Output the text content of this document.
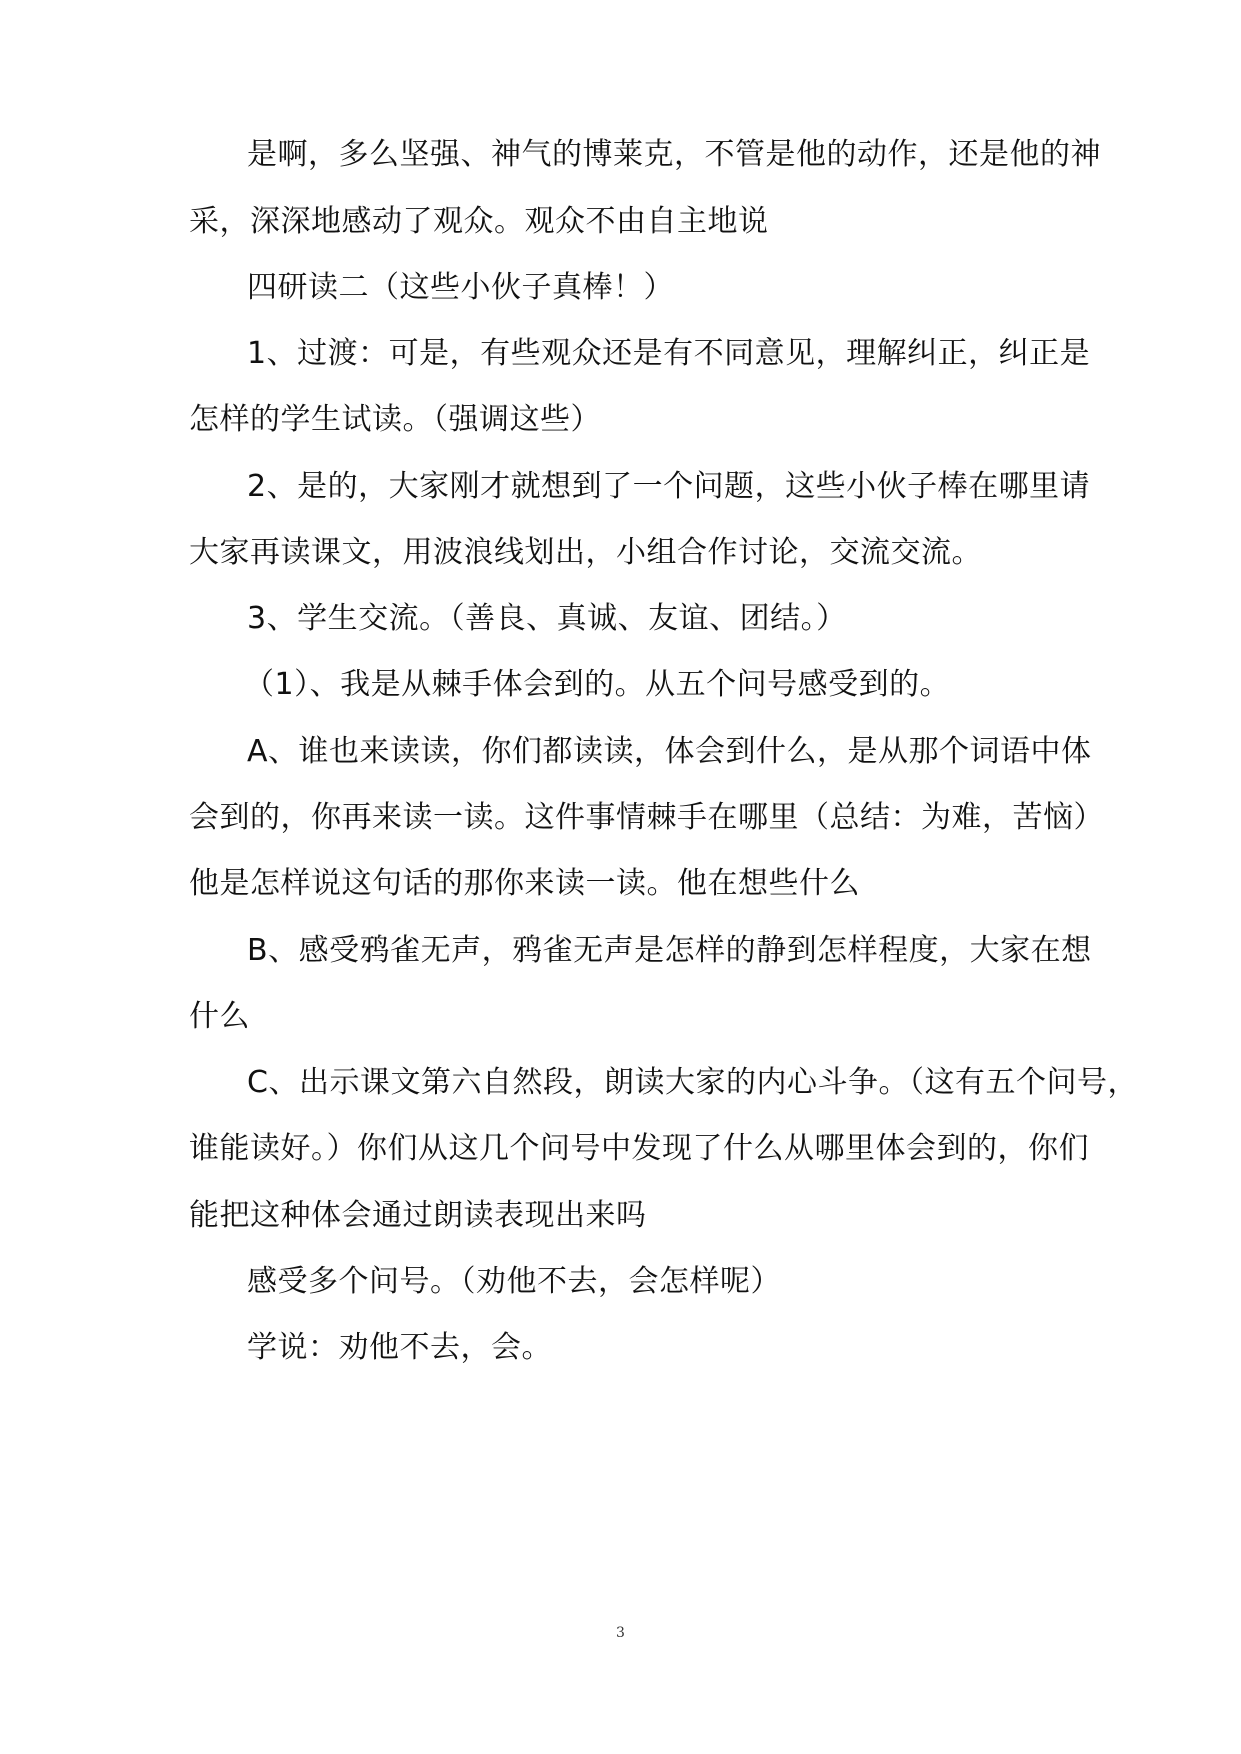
是啊，多么坚强、神气的博莱克，不管是他的动作，还是他的神
采，深深地感动了观众。观众不由自主地说
四研读二（这些小伙子真棒！）
1、过渡：可是，有些观众还是有不同意见，理解纠正，纠正是
怎样的学生试读。（强调这些）
2、是的，大家刚才就想到了一个问题，这些小伙子棒在哪里请
大家再读课文，用波浪线划出，小组合作讨论，交流交流。
3、学生交流。（善良、真诚、友谊、团结。）
（1）、我是从棘手体会到的。从五个问号感受到的。
A、谁也来读读，你们都读读，体会到什么，是从那个词语中体
会到的，你再来读一读。这件事情棘手在哪里（总结：为难，苦恼）
他是怎样说这句话的那你来读一读。他在想些什么
B、感受鸦雀无声，鸦雀无声是怎样的静到怎样程度，大家在想
什么
C、出示课文第六自然段，朗读大家的内心斗争。（这有五个问号，
谁能读好。）你们从这几个问号中发现了什么从哪里体会到的，你们
能把这种体会通过朗读表现出来吗
感受多个问号。（劝他不去，会怎样呢）
学说：劝他不去，会。
3
